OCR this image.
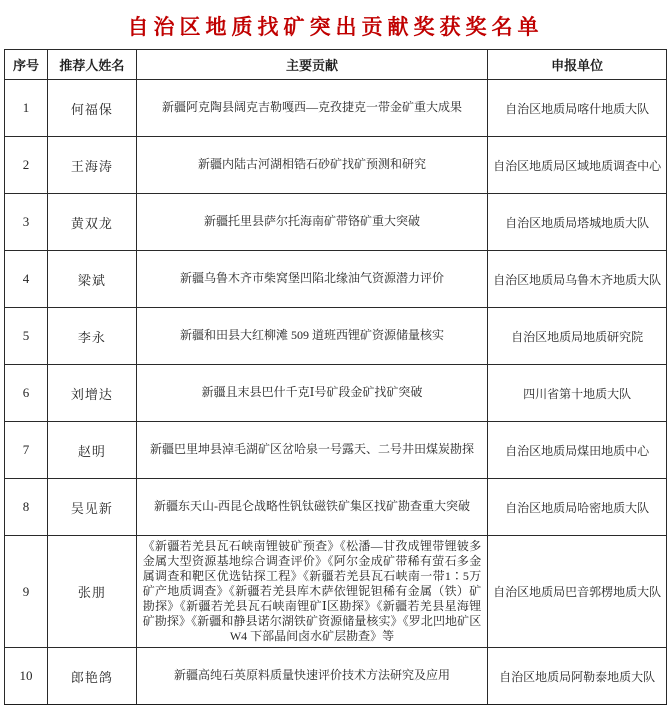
自治区地质找矿突出贡献奖获奖名单
序号	推荐人姓名	主要贡献	申报单位
1	何福保	新疆阿克陶县阔克吉勒嘎西—克孜捷克一带金矿重大成果	自治区地质局喀什地质大队
2	王海涛	新疆内陆古河湖相锆石砂矿找矿预测和研究	自治区地质局区域地质调查中心
3	黄双龙	新疆托里县萨尔托海南矿带铬矿重大突破	自治区地质局塔城地质大队
4	梁斌	新疆乌鲁木齐市柴窝堡凹陷北缘油气资源潜力评价	自治区地质局乌鲁木齐地质大队
5	李永	新疆和田县大红柳滩 509 道班西锂矿资源储量核实	自治区地质局地质研究院
6	刘增达	新疆且末县巴什千克Ⅰ号矿段金矿找矿突破	四川省第十地质大队
7	赵明	新疆巴里坤县淖毛湖矿区岔哈泉一号露天、二号井田煤炭勘探	自治区地质局煤田地质中心
8	吴见新	新疆东天山-西昆仑战略性钒钛磁铁矿集区找矿勘查重大突破	自治区地质局哈密地质大队
9	张朋	《新疆若羌县瓦石峡南锂铍矿预查》《松潘—甘孜成锂带锂铍多金属大型资源基地综合调查评价》《阿尔金成矿带稀有萤石多金属调查和靶区优选钻探工程》《新疆若羌县瓦石峡南一带1∶5万矿产地质调查》《新疆若羌县库木萨依锂铌钽稀有金属（铁）矿勘探》《新疆若羌县瓦石峡南锂矿Ⅰ区勘探》《新疆若羌县星海锂矿勘探》《新疆和静县诺尔湖铁矿资源储量核实》《罗北凹地矿区 W4 下部晶间卤水矿层勘查》等	自治区地质局巴音郭楞地质大队
10	郎艳鸽	新疆高纯石英原料质量快速评价技术方法研究及应用	自治区地质局阿勒泰地质大队
